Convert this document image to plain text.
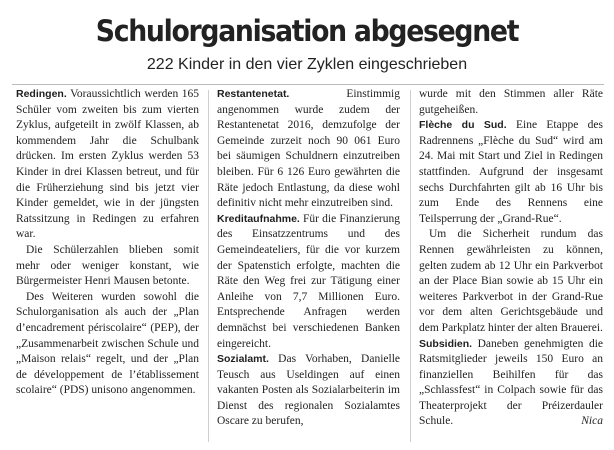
Schulorganisation abgesegnet
222 Kinder in den vier Zyklen eingeschrieben

Redingen. Voraussichtlich werden 165 Schüler vom zweiten bis zum vierten Zyklus, aufgeteilt in zwölf Klassen, ab kommendem Jahr die Schulbank drücken. Im ersten Zyklus werden 53 Kinder in drei Klassen betreut, und für die Früherziehung sind bis jetzt vier Kinder gemeldet, wie in der jüngsten Ratssitzung in Redingen zu erfahren war.

Die Schülerzahlen blieben somit mehr oder weniger konstant, wie Bürgermeister Henri Mausen betonte.

Des Weiteren wurden sowohl die Schulorganisation als auch der „Plan d’encadrement périscolaire“ (PEP), der „Zusammenarbeit zwischen Schule und „Maison relais“ regelt, und der „Plan de développement de l’établissement scolaire“ (PDS) unisono angenommen.

Restantenetat. Einstimmig angenommen wurde zudem der Restantenetat 2016, demzufolge der Gemeinde zurzeit noch 90 061 Euro bei säumigen Schuldnern einzutreiben bleiben. Für 6 126 Euro gewährten die Räte jedoch Entlastung, da diese wohl definitiv nicht mehr einzutreiben sind.

Kreditaufnahme. Für die Finanzierung des Einsatzzentrums und des Gemeindeateliers, für die vor kurzem der Spatenstich erfolgte, machten die Räte den Weg frei zur Tätigung einer Anleihe von 7,7 Millionen Euro. Entsprechende Anfragen werden demnächst bei verschiedenen Banken eingereicht.

Sozialamt. Das Vorhaben, Danielle Teusch aus Useldingen auf einen vakanten Posten als Sozialarbeiterin im Dienst des regionalen Sozialamtes Oscare zu berufen,

wurde mit den Stimmen aller Räte gutgeheißen.

Flèche du Sud. Eine Etappe des Radrennens „Flèche du Sud“ wird am 24. Mai mit Start und Ziel in Redingen stattfinden. Aufgrund der insgesamt sechs Durchfahrten gilt ab 16 Uhr bis zum Ende des Rennens eine Teilsperrung der „Grand-Rue“.

Um die Sicherheit rundum das Rennen gewährleisten zu können, gelten zudem ab 12 Uhr ein Parkverbot an der Place Bian sowie ab 15 Uhr ein weiteres Parkverbot in der Grand-Rue vor dem alten Gerichtsgebäude und dem Parkplatz hinter der alten Brauerei.

Subsidien. Daneben genehmigten die Ratsmitglieder jeweils 150 Euro an finanziellen Beihilfen für das „Schlassfest“ in Colpach sowie für das Theaterprojekt der Préizerdauler Schule.	Nica
